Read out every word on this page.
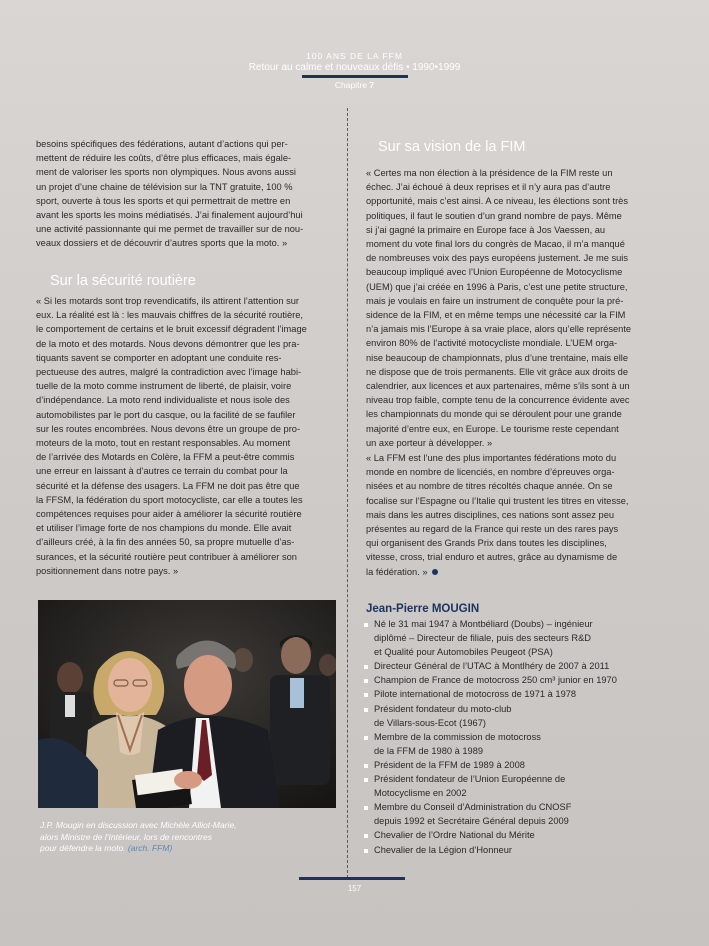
100 ANS DE LA FFM
Retour au calme et nouveaux défis • 1990•1999
Chapitre 7

besoins spécifiques des fédérations, autant d’actions qui per-
mettent de réduire les coûts, d’être plus efficaces, mais égale-
ment de valoriser les sports non olympiques. Nous avons aussi
un projet d’une chaine de télévision sur la TNT gratuite, 100 %
sport, ouverte à tous les sports et qui permettrait de mettre en
avant les sports les moins médiatisés. J’ai finalement aujourd’hui
une activité passionnante qui me permet de travailler sur de nou-
veaux dossiers et de découvrir d’autres sports que la moto. »

Sur la sécurité routière

« Si les motards sont trop revendicatifs, ils attirent l’attention sur
eux. La réalité est là : les mauvais chiffres de la sécurité routière,
le comportement de certains et le bruit excessif dégradent l’image
de la moto et des motards. Nous devons démontrer que les pra-
tiquants savent se comporter en adoptant une conduite res-
pectueuse des autres, malgré la contradiction avec l’image habi-
tuelle de la moto comme instrument de liberté, de plaisir, voire
d’indépendance. La moto rend individualiste et nous isole des
automobilistes par le port du casque, ou la facilité de se faufiler
sur les routes encombrées. Nous devons être un groupe de pro-
moteurs de la moto, tout en restant responsables. Au moment
de l’arrivée des Motards en Colère, la FFM a peut-être commis
une erreur en laissant à d’autres ce terrain du combat pour la
sécurité et la défense des usagers. La FFM ne doit pas être que
la FFSM, la fédération du sport motocycliste, car elle a toutes les
compétences requises pour aider à améliorer la sécurité routière
et utiliser l’image forte de nos champions du monde. Elle avait
d’ailleurs créé, à la fin des années 50, sa propre mutuelle d’as-
surances, et la sécurité routière peut contribuer à améliorer son
positionnement dans notre pays. »

J.P. Mougin en discussion avec Michèle Alliot-Marie,
alors Ministre de l’Intérieur, lors de rencontres
pour défendre la moto. (arch. FFM)
Sur sa vision de la FIM

« Certes ma non élection à la présidence de la FIM reste un
échec. J’ai échoué à deux reprises et il n’y aura pas d’autre
opportunité, mais c’est ainsi. A ce niveau, les élections sont très
politiques, il faut le soutien d’un grand nombre de pays. Même
si j’ai gagné la primaire en Europe face à Jos Vaessen, au
moment du vote final lors du congrès de Macao, il m’a manqué
de nombreuses voix des pays européens justement. Je me suis
beaucoup impliqué avec l’Union Européenne de Motocyclisme
(UEM) que j’ai créée en 1996 à Paris, c’est une petite structure,
mais je voulais en faire un instrument de conquête pour la pré-
sidence de la FIM, et en même temps une nécessité car la FIM
n’a jamais mis l’Europe à sa vraie place, alors qu’elle représente
environ 80% de l’activité motocycliste mondiale. L’UEM orga-
nise beaucoup de championnats, plus d’une trentaine, mais elle
ne dispose que de trois permanents. Elle vit grâce aux droits de
calendrier, aux licences et aux partenaires, même s’ils sont à un
niveau trop faible, compte tenu de la concurrence évidente avec
les championnats du monde qui se déroulent pour une grande
majorité d’entre eux, en Europe. Le tourisme reste cependant
un axe porteur à développer. »

« La FFM est l’une des plus importantes fédérations moto du
monde en nombre de licenciés, en nombre d’épreuves orga-
nisées et au nombre de titres récoltés chaque année. On se
focalise sur l’Espagne ou l’Italie qui trustent les titres en vitesse,
mais dans les autres disciplines, ces nations sont assez peu
présentes au regard de la France qui reste un des rares pays
qui organisent des Grands Prix dans toutes les disciplines,
vitesse, cross, trial enduro et autres, grâce au dynamisme de
la fédération. »

Jean-Pierre MOUGIN
Né le 31 mai 1947 à Montbéliard (Doubs) – ingénieur
diplômé – Directeur de filiale, puis des secteurs R&D
et Qualité pour Automobiles Peugeot (PSA)
Directeur Général de l’UTAC à Montlhéry de 2007 à 2011
Champion de France de motocross 250 cm³ junior en 1970
Pilote international de motocross de 1971 à 1978
Président fondateur du moto-club
de Villars-sous-Ecot (1967)
Membre de la commission de motocross
de la FFM de 1980 à 1989
Président de la FFM de 1989 à 2008
Président fondateur de l’Union Européenne de
Motocyclisme en 2002
Membre du Conseil d’Administration du CNOSF
depuis 1992 et Secrétaire Général depuis 2009
Chevalier de l’Ordre National du Mérite
Chevalier de la Légion d’Honneur
157
